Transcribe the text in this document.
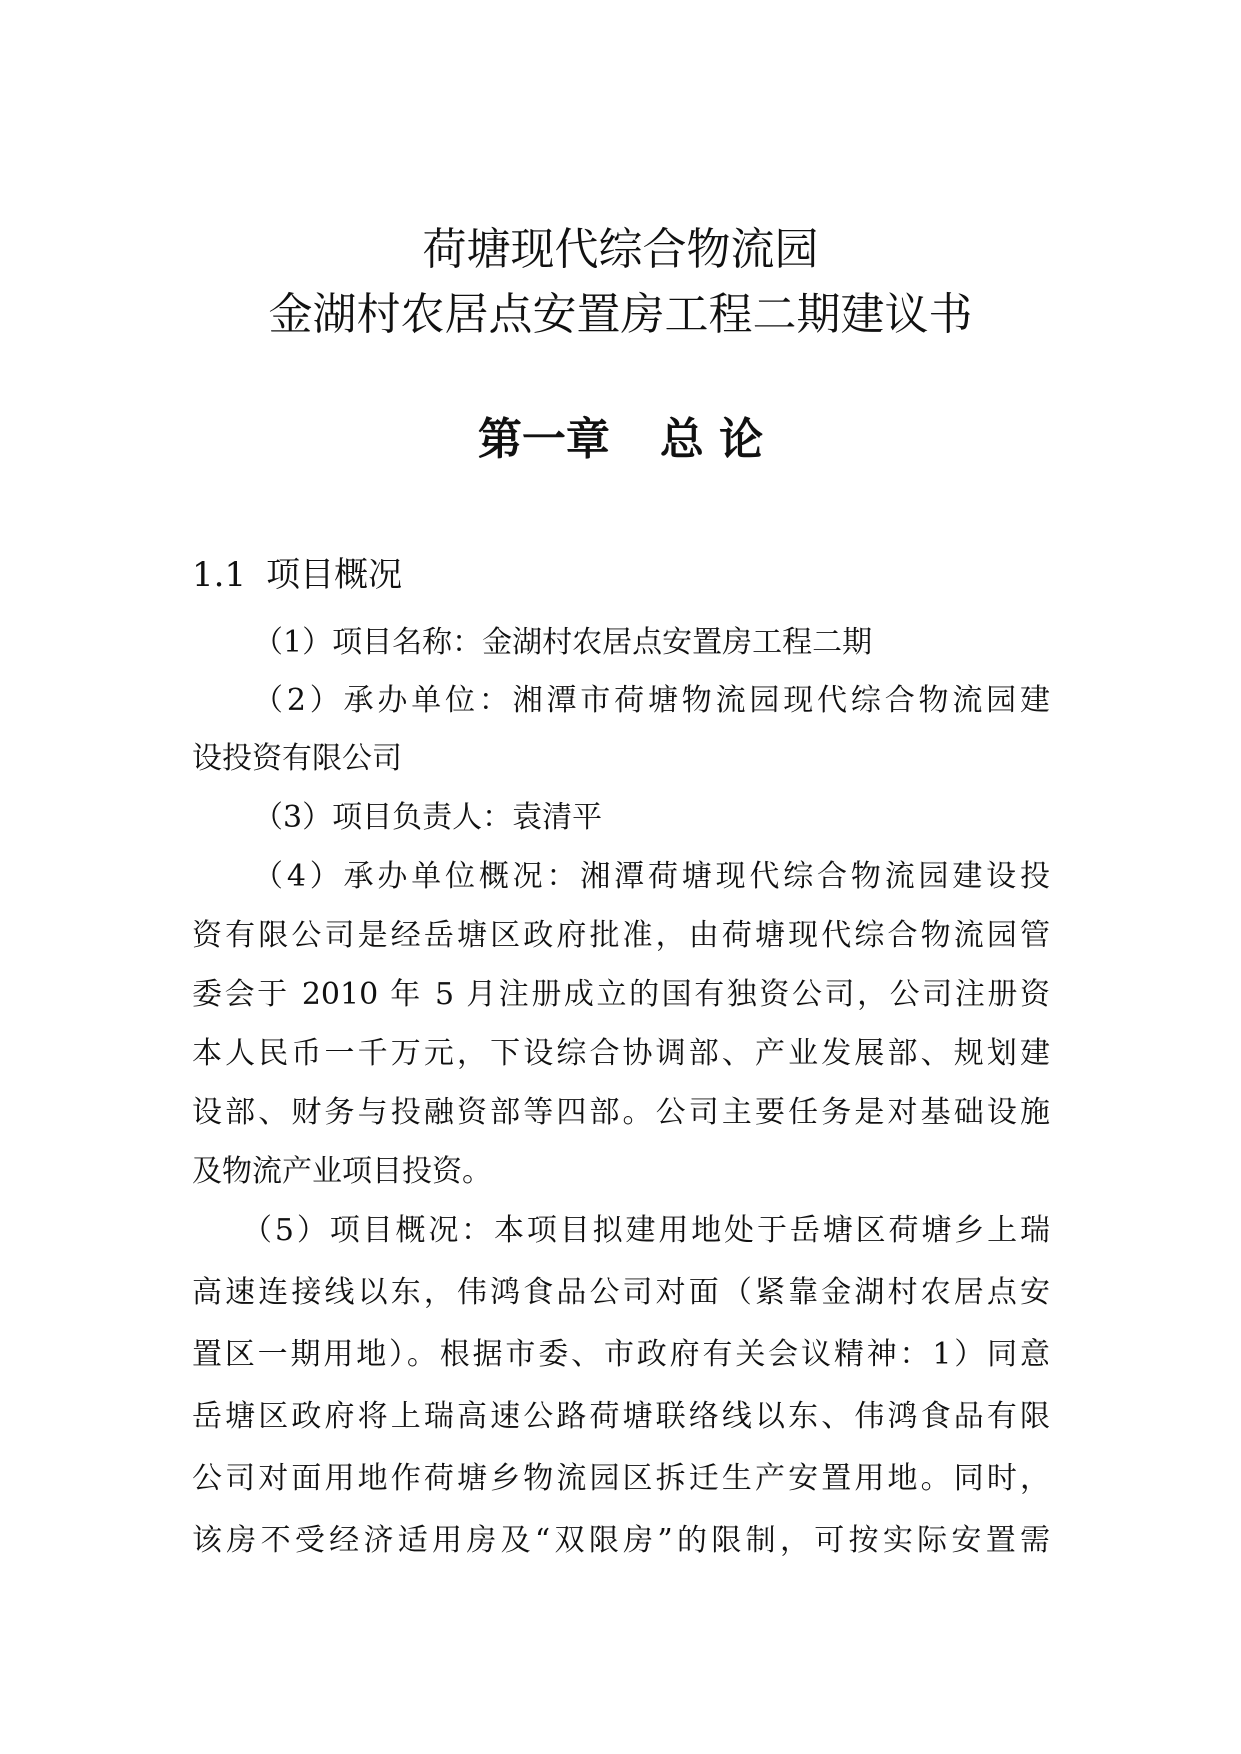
荷塘现代综合物流园
金湖村农居点安置房工程二期建议书
第一章 总 论
1.1 项目概况
（1）项目名称：金湖村农居点安置房工程二期
（2）承办单位：湘潭市荷塘物流园现代综合物流园建
设投资有限公司
（3）项目负责人：袁清平
（4）承办单位概况：湘潭荷塘现代综合物流园建设投
资有限公司是经岳塘区政府批准，由荷塘现代综合物流园管
委会于 2010 年 5 月注册成立的国有独资公司，公司注册资
本人民币一千万元，下设综合协调部、产业发展部、规划建
设部、财务与投融资部等四部。公司主要任务是对基础设施
及物流产业项目投资。
（5）项目概况：本项目拟建用地处于岳塘区荷塘乡上瑞
高速连接线以东，伟鸿食品公司对面（紧靠金湖村农居点安
置区一期用地）。根据市委、市政府有关会议精神：1）同意
岳塘区政府将上瑞高速公路荷塘联络线以东、伟鸿食品有限
公司对面用地作荷塘乡物流园区拆迁生产安置用地。同时，
该房不受经济适用房及“双限房”的限制，可按实际安置需
